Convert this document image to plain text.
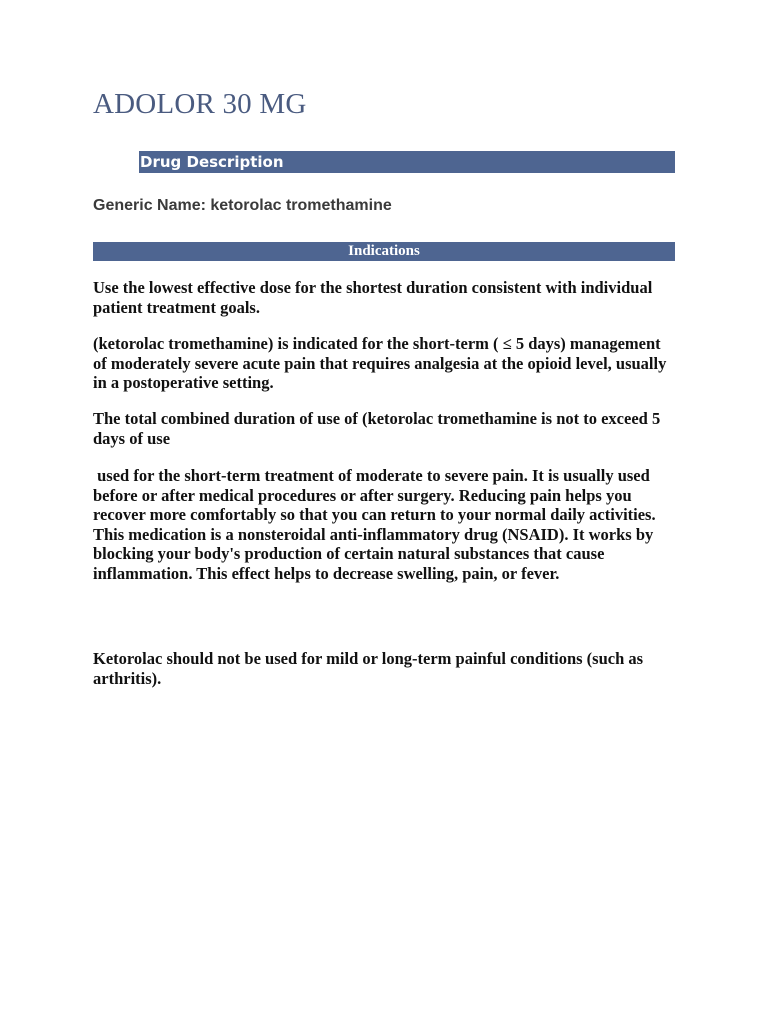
ADOLOR 30 MG
Drug Description

Generic Name: ketorolac tromethamine

Indications

Use the lowest effective dose for the shortest duration consistent with individual patient treatment goals.

(ketorolac tromethamine) is indicated for the short-term ( ≤ 5 days) management of moderately severe acute pain that requires analgesia at the opioid level, usually in a postoperative setting.

The total combined duration of use of (ketorolac tromethamine is not to exceed 5 days of use

used for the short-term treatment of moderate to severe pain. It is usually used before or after medical procedures or after surgery. Reducing pain helps you recover more comfortably so that you can return to your normal daily activities. This medication is a nonsteroidal anti-inflammatory drug (NSAID). It works by blocking your body's production of certain natural substances that cause inflammation. This effect helps to decrease swelling, pain, or fever.

Ketorolac should not be used for mild or long-term painful conditions (such as arthritis).
